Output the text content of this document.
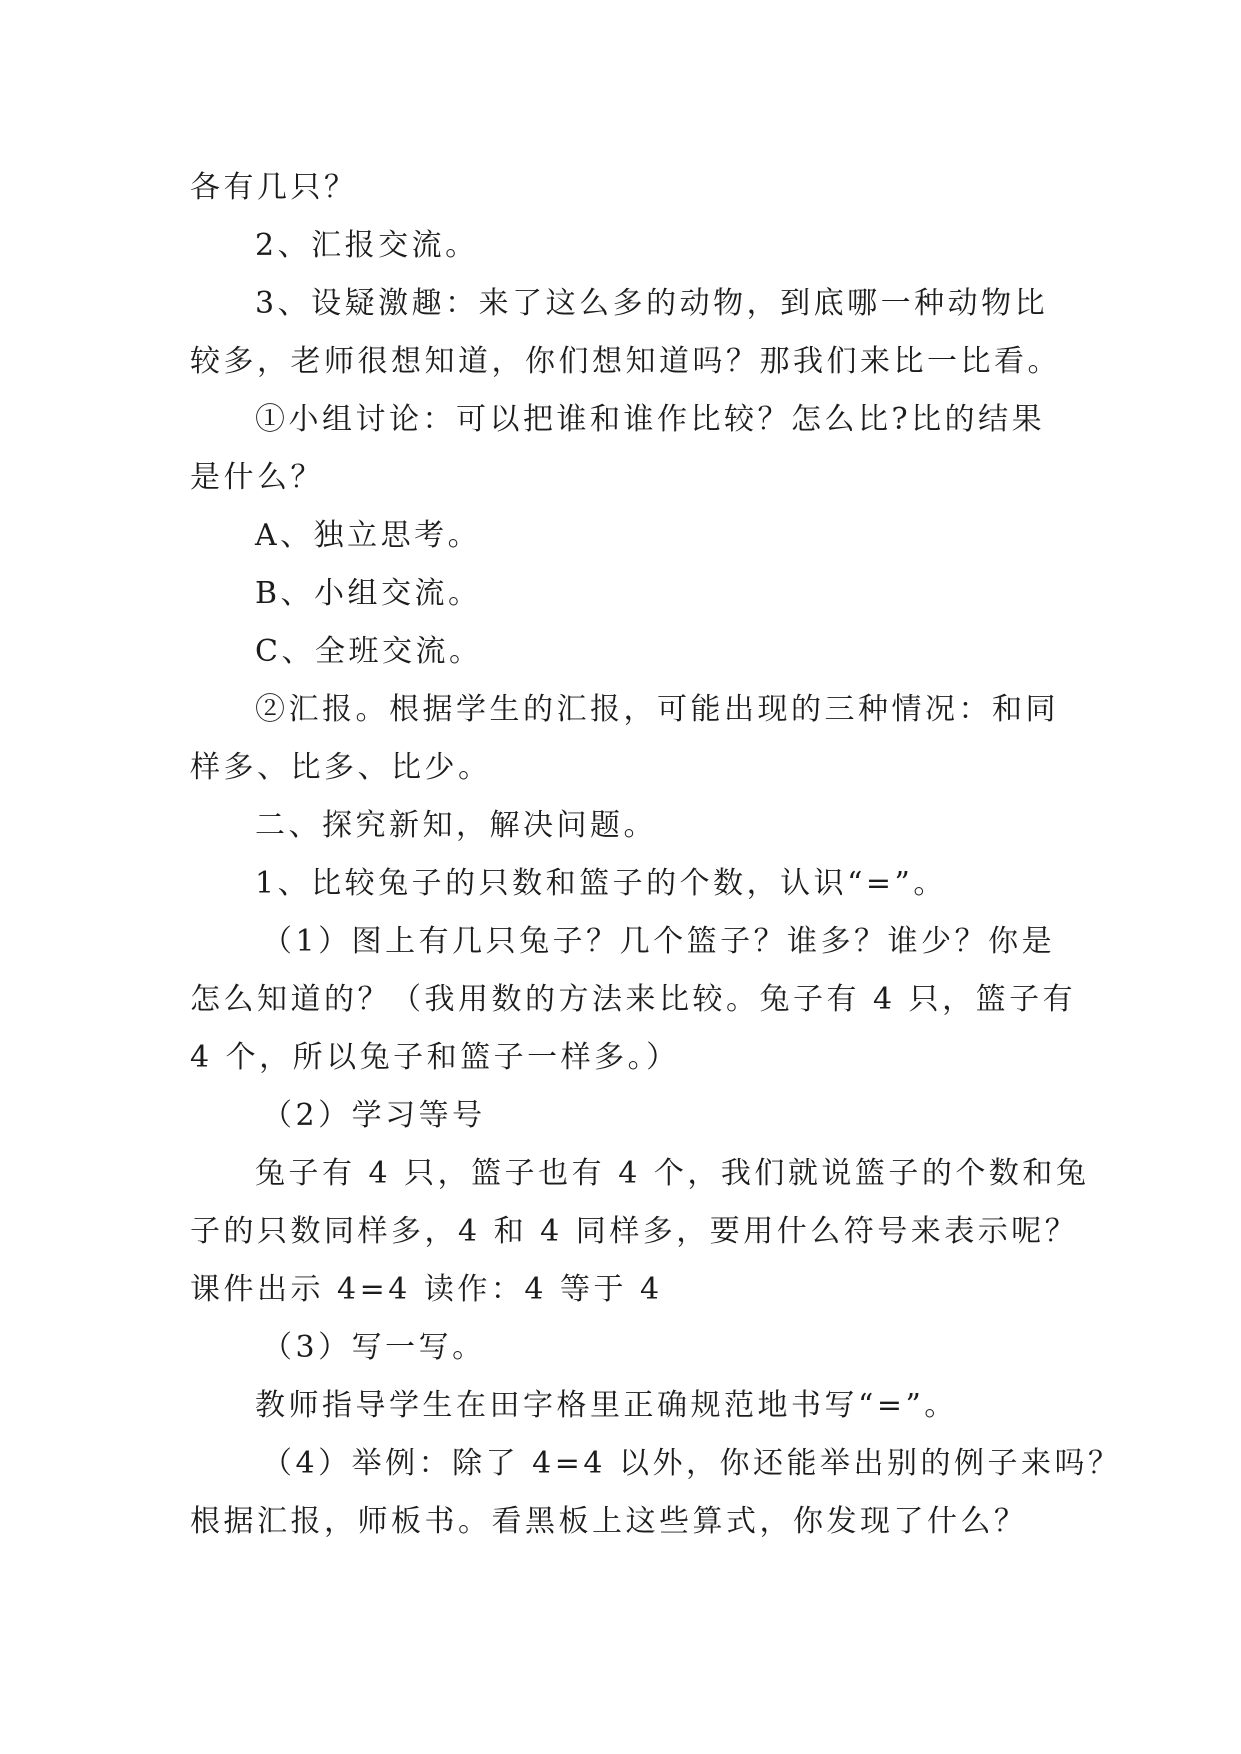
各有几只？
2、汇报交流。
3、设疑激趣：来了这么多的动物，到底哪一种动物比
较多，老师很想知道，你们想知道吗？那我们来比一比看。
①小组讨论：可以把谁和谁作比较？怎么比?比的结果
是什么？
A、独立思考。
B、小组交流。
C、全班交流。
②汇报。根据学生的汇报，可能出现的三种情况：和同
样多、比多、比少。
二、探究新知，解决问题。
1、比较兔子的只数和篮子的个数，认识“=”。
（1）图上有几只兔子？几个篮子？谁多？谁少？你是
怎么知道的？（我用数的方法来比较。兔子有 4 只，篮子有
4 个，所以兔子和篮子一样多。）
（2）学习等号
兔子有 4 只，篮子也有 4 个，我们就说篮子的个数和兔
子的只数同样多，4 和 4 同样多，要用什么符号来表示呢？
课件出示 4=4 读作：4 等于 4
（3）写一写。
教师指导学生在田字格里正确规范地书写“=”。
（4）举例：除了 4=4 以外，你还能举出别的例子来吗？
根据汇报，师板书。看黑板上这些算式，你发现了什么？
